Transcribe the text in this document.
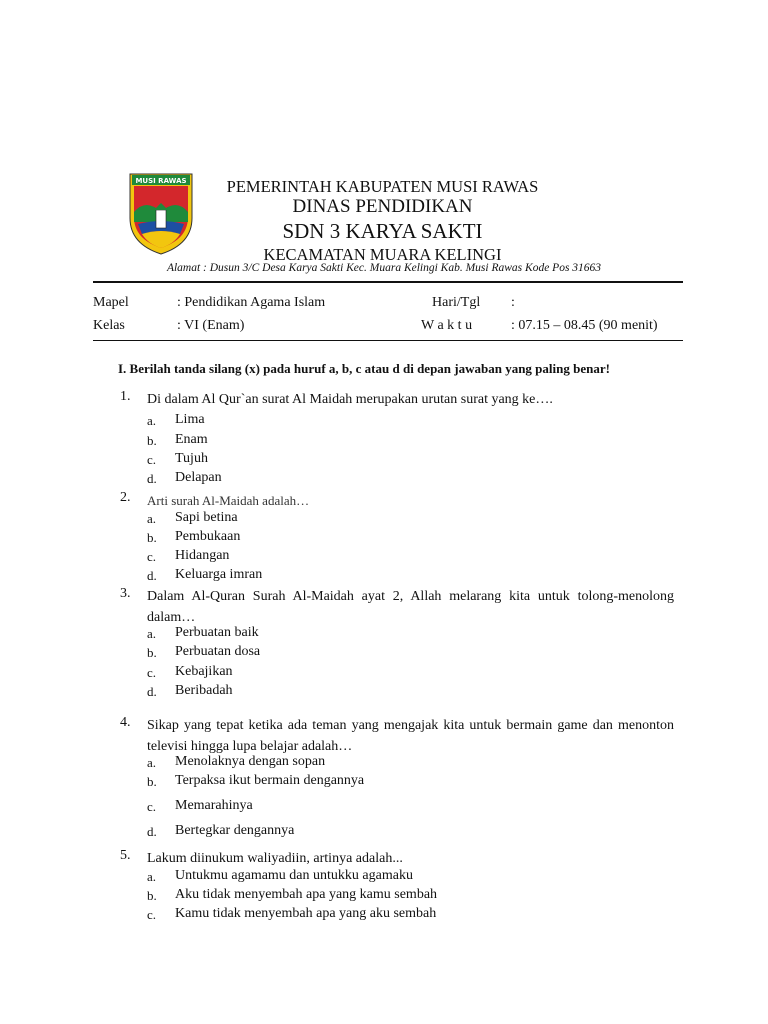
MUSI RAWAS	PEMERINTAH KABUPATEN MUSI RAWAS
DINAS PENDIDIKAN
SDN 3 KARYA SAKTI
KECAMATAN MUARA KELINGI
Alamat : Dusun 3/C Desa Karya Sakti Kec. Muara Kelingi Kab. Musi Rawas Kode Pos 31663
Mapel	: Pendidikan Agama Islam	Hari/Tgl :
Kelas	: VI (Enam)	W a k t u	: 07.15 – 08.45 (90 menit)
I. Berilah tanda silang (x) pada huruf a, b, c atau d di depan jawaban yang paling benar!
1. Di dalam Al Qur`an surat Al Maidah merupakan urutan surat yang ke….
a. Lima
b. Enam
c. Tujuh
d. Delapan
2. Arti surah Al-Maidah adalah…
a. Sapi betina
b. Pembukaan
c. Hidangan
d. Keluarga imran
3. Dalam Al-Quran Surah Al-Maidah ayat 2, Allah melarang kita untuk tolong-menolong dalam…
a. Perbuatan baik
b. Perbuatan dosa
c. Kebajikan
d. Beribadah
4. Sikap yang tepat ketika ada teman yang mengajak kita untuk bermain game dan menonton televisi hingga lupa belajar adalah…
a. Menolaknya dengan sopan
b. Terpaksa ikut bermain dengannya
c. Memarahinya
d. Bertegkar dengannya
5. Lakum diinukum waliyadiin, artinya adalah...
a. Untukmu agamamu dan untukku agamaku
b. Aku tidak menyembah apa yang kamu sembah
c. Kamu tidak menyembah apa yang aku sembah
